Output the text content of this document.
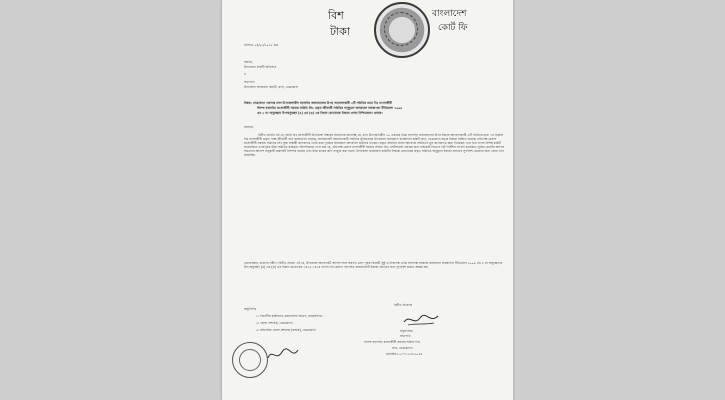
বিশ
টাকা
বাংলাদেশ
কোর্ট ফি
তারিখঃ ০৪/০৩/২০২৫ খ্রিঃ
বরাবর,
উপজেলা নির্বাহী অফিসার
ও
সভাপতি
উপজেলা জলমহাল কমিটি, মদন, নেত্রকোণা
বিষয়ঃ নেত্রকোণা জেলার মদন উপজেলাধীন বড়দাইড় জলমহালের উপর আবেদনকারী ৫টি সমিতির মধ্যে নিঃ মৎস্যজীবী
দিলশা বড়দাইড় মৎস্যজীবী সমবায় সমিতি লিঃ প্রকৃত জীবনবী সমিতির অনুকূলে জলমহাল ব্যবস্থাপনা নীতিমালা ২০০৯
এর ৫ নং অনুচ্ছেদে উপঅনুচ্ছেদ (৪) এর (ঙ) এর বিধান মোতাবেক ইজারা প্রদান নিশ্চিতকরণ প্রসঙ্গে।
মহোদয়,
বিনীত প্রার্থনা এই যে, আমি নিঃ মৎস্যজীবী উপরোক্ত বিষয়ের আলোকে জানাচ্ছি যে, মদন উপজেলাধীন ২০ একরের নিম্নে বড়দাইড় জলমহালের উপর ইজারা আবেদনকারী ৫টি সমিতির মধ্যে ১ম সমবায় নিঃ মৎস্যজীবী প্রকৃত পক্ষে জীবনবী বর্গে কার্যরতগন রয়েছে, জলমহালটি আবেদনকারী সর্বাধিক সুবিধাপ্রাপ্ত উপজেলা জলমহাল ব্যবস্থাপনা কমিটি মদন, নেত্রকোণা কর্তৃক ইজারা নিশ্চিত হয়েছে। প্রতিপক্ষ মেসার্স মৎস্যজীবী সমবায় সমিতির লিঃ যুক্ত অস্থায়ী কাগজপত্র তৈরি করে পুনরায় জলমহাল আবেদনে জানিয়ে থাকেন। প্রকৃত সমিতির প্রধান আবেদক সমিতিতে মূল কাগজপত্র জমা দিয়েছেন এবং তিন সদস্য বিশিষ্ট কমিটি সরেজমিনে তদন্তপূর্বক উক্ত সমিতির কার্যক্রম পরিদর্শনক্রমে দেখা যায় যে, প্রতিপক্ষ মেসার্স মৎস্যজীবী সমবায় সমিতি লিঃ সেটিলমেন্ট প্রাপ্তির জন্য হাইকোর্ট বিভাগে রিট পিটিশন দাখিল করেছেন। সুপ্রিম কোর্টের আপিল বিভাগের আদেশ অনুযায়ী মামলাটি নিষ্পত্তি হয়েছে এবং উক্ত রায়ের কপি সংযুক্ত করা হলো। উপজেলা জলমহাল কমিটির সিদ্ধান্ত মোতাবেক প্রকৃত সমিতির অনুকূলে ইজারা প্রদানের সুপারিশ প্রেরণের জন্য জোর দাবি জানাচ্ছি।
এমতাবস্থায়, মহোদয় সমীপে বিনীত প্রার্থনা এই যে, উপরোক্ত আবেদনটি আপনি সদয় অবগত গ্রহণ পূর্বক বিষয়টি সুষ্ঠু ও নিরপেক্ষ তদন্ত সাপেক্ষে সরকারি জলমহাল ব্যবস্থাপনা নীতিমালা ২০০৯ এর ৫ নং অনুচ্ছেদের উপ-অনুচ্ছেদ (৪) এর (ঙ) এর বিধান মোতাবেক ১৪৩২-১৪৩৪ বাংলা সন মেয়াদে বড়দাইড় জলমহালটি ইজারা প্রদানের জন্য সুপারিশ করতে আজ্ঞা হয়।
অনুলিপিঃ
১। বিভাগীয় কমিশনার, ময়মনসিংহ বিভাগ, ময়মনসিংহ।
২। জেলা প্রশাসক, নেত্রকোণা।
৩। অতিরিক্ত জেলা প্রশাসক (রাজস্ব), নেত্রকোণা।
বিনীত নিবেদক
সবুজ মিয়া
সভাপতি
দিলশা বড়দাইড় মৎস্যজীবী সমবায় সমিতি লিঃ
মদন, নেত্রকোণা।
মোবাইলঃ ০১৭১২-৮৮৫০২৪
